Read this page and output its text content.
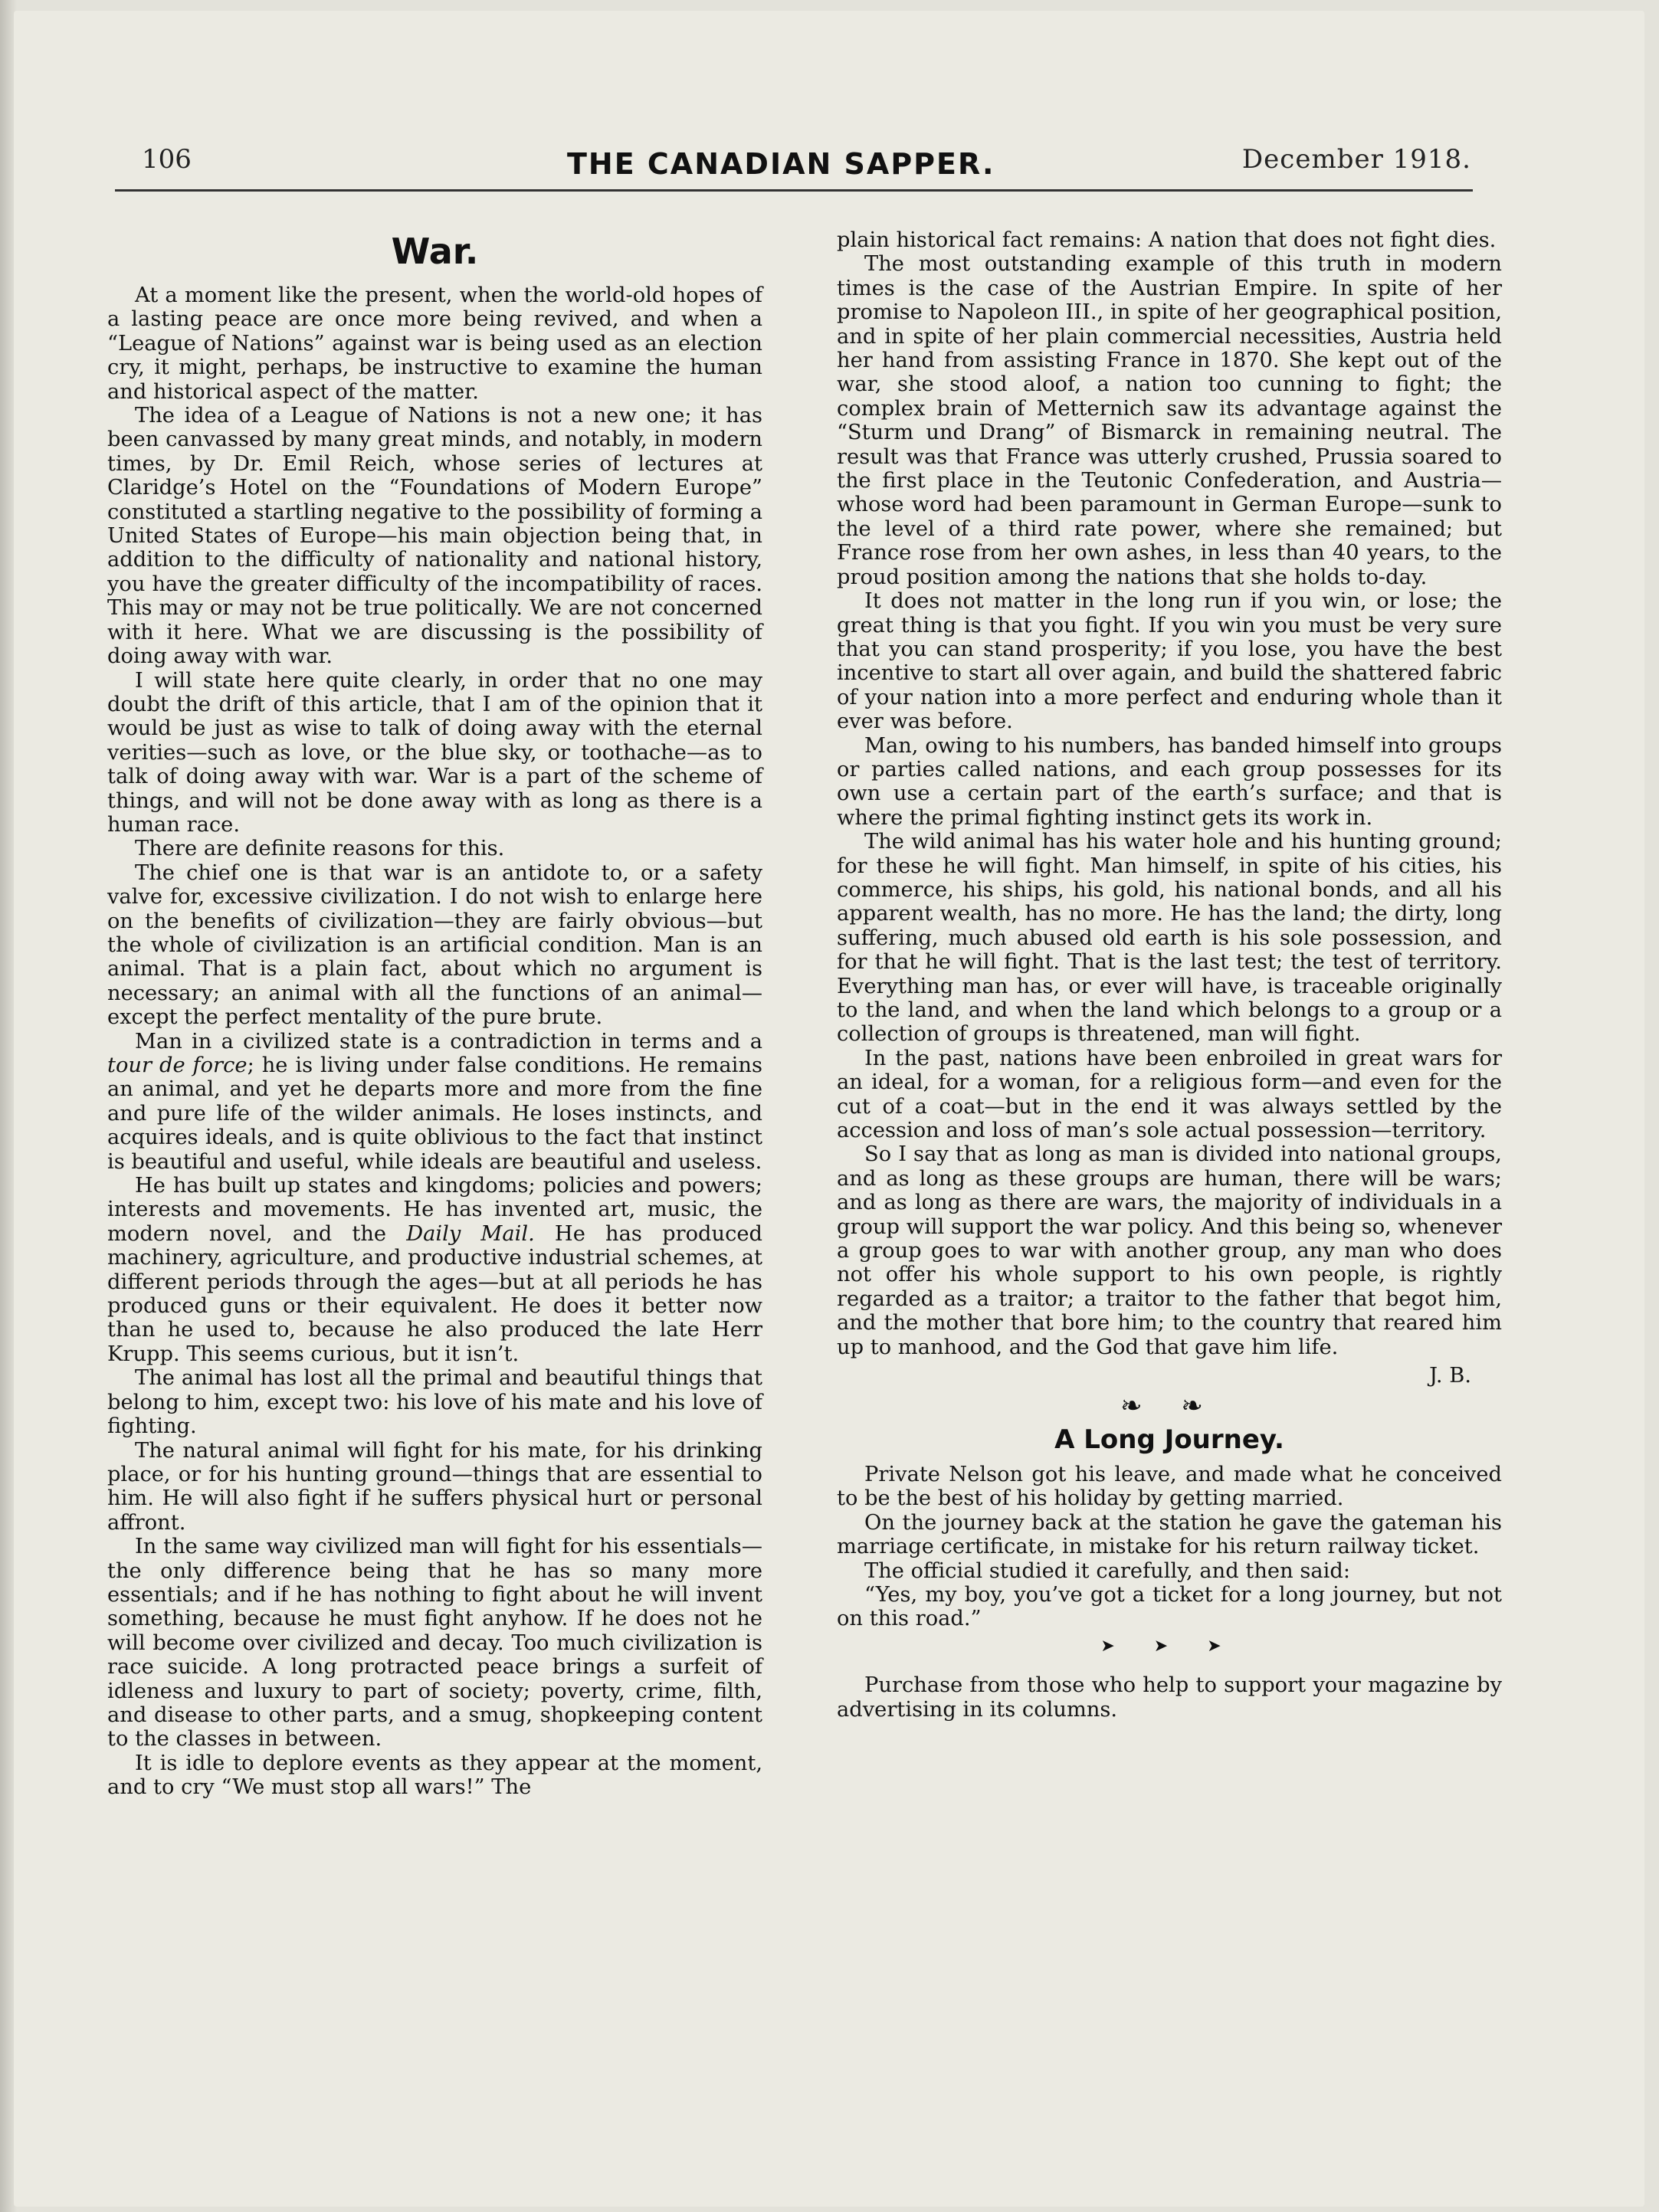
106	THE CANADIAN SAPPER.	December 1918.
War.

At a moment like the present, when the world-old hopes of a lasting peace are once more being revived, and when a “League of Nations” against war is being used as an election cry, it might, perhaps, be instructive to examine the human and historical aspect of the matter.

The idea of a League of Nations is not a new one; it has been canvassed by many great minds, and notably, in modern times, by Dr. Emil Reich, whose series of lectures at Claridge’s Hotel on the “Foundations of Modern Europe” constituted a startling negative to the possibility of forming a United States of Europe—his main objection being that, in addition to the difficulty of nationality and national history, you have the greater difficulty of the incompatibility of races. This may or may not be true politically. We are not concerned with it here. What we are discussing is the possibility of doing away with war.

I will state here quite clearly, in order that no one may doubt the drift of this article, that I am of the opinion that it would be just as wise to talk of doing away with the eternal verities—such as love, or the blue sky, or toothache—as to talk of doing away with war. War is a part of the scheme of things, and will not be done away with as long as there is a human race.

There are definite reasons for this.

The chief one is that war is an antidote to, or a safety valve for, excessive civilization. I do not wish to enlarge here on the benefits of civilization—they are fairly obvious—but the whole of civilization is an artificial condition. Man is an animal. That is a plain fact, about which no argument is necessary; an animal with all the functions of an animal—except the perfect mentality of the pure brute.

Man in a civilized state is a contradiction in terms and a tour de force; he is living under false conditions. He remains an animal, and yet he departs more and more from the fine and pure life of the wilder animals. He loses instincts, and acquires ideals, and is quite oblivious to the fact that instinct is beautiful and useful, while ideals are beautiful and useless.

He has built up states and kingdoms; policies and powers; interests and movements. He has invented art, music, the modern novel, and the Daily Mail. He has produced machinery, agriculture, and productive industrial schemes, at different periods through the ages—but at all periods he has produced guns or their equivalent. He does it better now than he used to, because he also produced the late Herr Krupp. This seems curious, but it isn’t.

The animal has lost all the primal and beautiful things that belong to him, except two: his love of his mate and his love of fighting.

The natural animal will fight for his mate, for his drinking place, or for his hunting ground—things that are essential to him. He will also fight if he suffers physical hurt or personal affront.

In the same way civilized man will fight for his essentials—the only difference being that he has so many more essentials; and if he has nothing to fight about he will invent something, because he must fight anyhow. If he does not he will become over civilized and decay. Too much civilization is race suicide. A long protracted peace brings a surfeit of idleness and luxury to part of society; poverty, crime, filth, and disease to other parts, and a smug, shopkeeping content to the classes in between.

It is idle to deplore events as they appear at the moment, and to cry “We must stop all wars!” The

plain historical fact remains: A nation that does not fight dies.

The most outstanding example of this truth in modern times is the case of the Austrian Empire. In spite of her promise to Napoleon III., in spite of her geographical position, and in spite of her plain commercial necessities, Austria held her hand from assisting France in 1870. She kept out of the war, she stood aloof, a nation too cunning to fight; the complex brain of Metternich saw its advantage against the “Sturm und Drang” of Bismarck in remaining neutral. The result was that France was utterly crushed, Prussia soared to the first place in the Teutonic Confederation, and Austria—whose word had been paramount in German Europe—sunk to the level of a third rate power, where she remained; but France rose from her own ashes, in less than 40 years, to the proud position among the nations that she holds to-day.

It does not matter in the long run if you win, or lose; the great thing is that you fight. If you win you must be very sure that you can stand prosperity; if you lose, you have the best incentive to start all over again, and build the shattered fabric of your nation into a more perfect and enduring whole than it ever was before.

Man, owing to his numbers, has banded himself into groups or parties called nations, and each group possesses for its own use a certain part of the earth’s surface; and that is where the primal fighting instinct gets its work in.

The wild animal has his water hole and his hunting ground; for these he will fight. Man himself, in spite of his cities, his commerce, his ships, his gold, his national bonds, and all his apparent wealth, has no more. He has the land; the dirty, long suffering, much abused old earth is his sole possession, and for that he will fight. That is the last test; the test of territory. Everything man has, or ever will have, is traceable originally to the land, and when the land which belongs to a group or a collection of groups is threatened, man will fight.

In the past, nations have been enbroiled in great wars for an ideal, for a woman, for a religious form—and even for the cut of a coat—but in the end it was always settled by the accession and loss of man’s sole actual possession—territory.

So I say that as long as man is divided into national groups, and as long as these groups are human, there will be wars; and as long as there are wars, the majority of individuals in a group will support the war policy. And this being so, whenever a group goes to war with another group, any man who does not offer his whole support to his own people, is rightly regarded as a traitor; a traitor to the father that begot him, and the mother that bore him; to the country that reared him up to manhood, and the God that gave him life.

J. B.
❧ ❧
A Long Journey.

Private Nelson got his leave, and made what he conceived to be the best of his holiday by getting married.

On the journey back at the station he gave the gateman his marriage certificate, in mistake for his return railway ticket.

The official studied it carefully, and then said:

“Yes, my boy, you’ve got a ticket for a long journey, but not on this road.”

➤ ➤ ➤

Purchase from those who help to support your magazine by advertising in its columns.
